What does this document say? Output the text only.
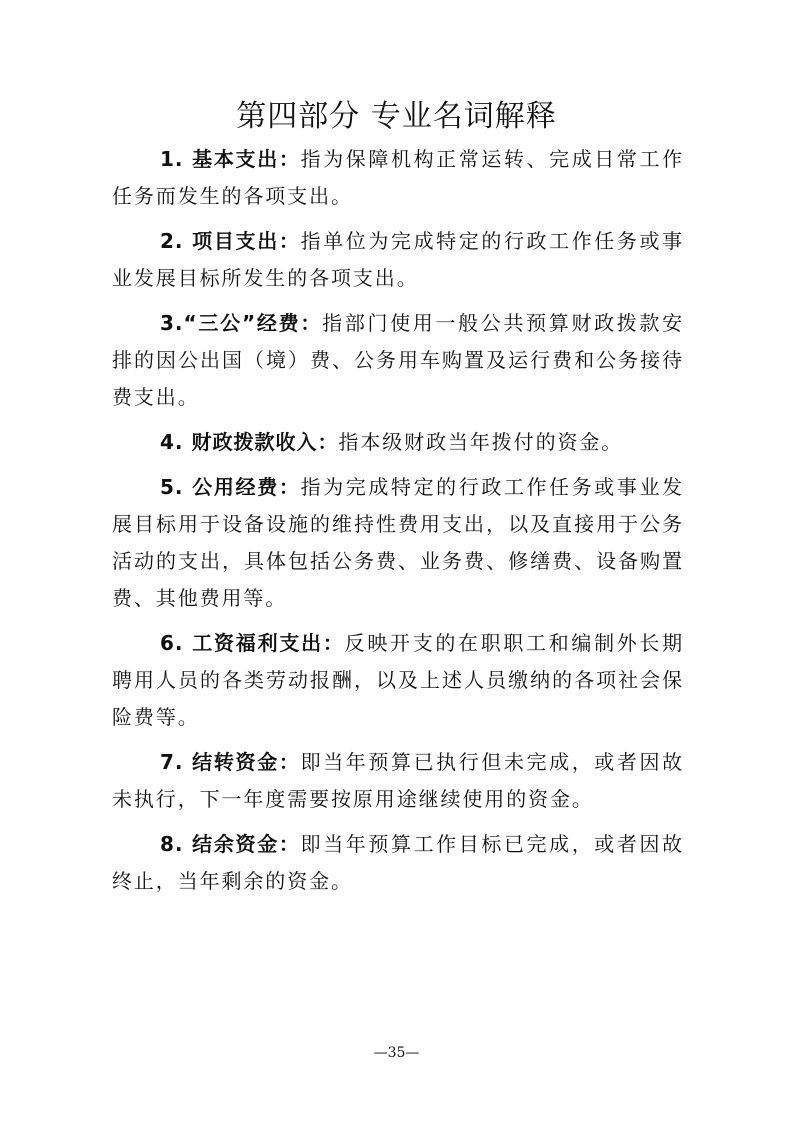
第四部分 专业名词解释

1. 基本支出：指为保障机构正常运转、完成日常工作任务而发生的各项支出。

2. 项目支出：指单位为完成特定的行政工作任务或事业发展目标所发生的各项支出。

3.“三公”经费：指部门使用一般公共预算财政拨款安排的因公出国（境）费、公务用车购置及运行费和公务接待费支出。

4. 财政拨款收入：指本级财政当年拨付的资金。

5. 公用经费：指为完成特定的行政工作任务或事业发展目标用于设备设施的维持性费用支出，以及直接用于公务活动的支出，具体包括公务费、业务费、修缮费、设备购置费、其他费用等。

6. 工资福利支出：反映开支的在职职工和编制外长期聘用人员的各类劳动报酬，以及上述人员缴纳的各项社会保险费等。

7. 结转资金：即当年预算已执行但未完成，或者因故未执行，下一年度需要按原用途继续使用的资金。

8. 结余资金：即当年预算工作目标已完成，或者因故终止，当年剩余的资金。

—35—
